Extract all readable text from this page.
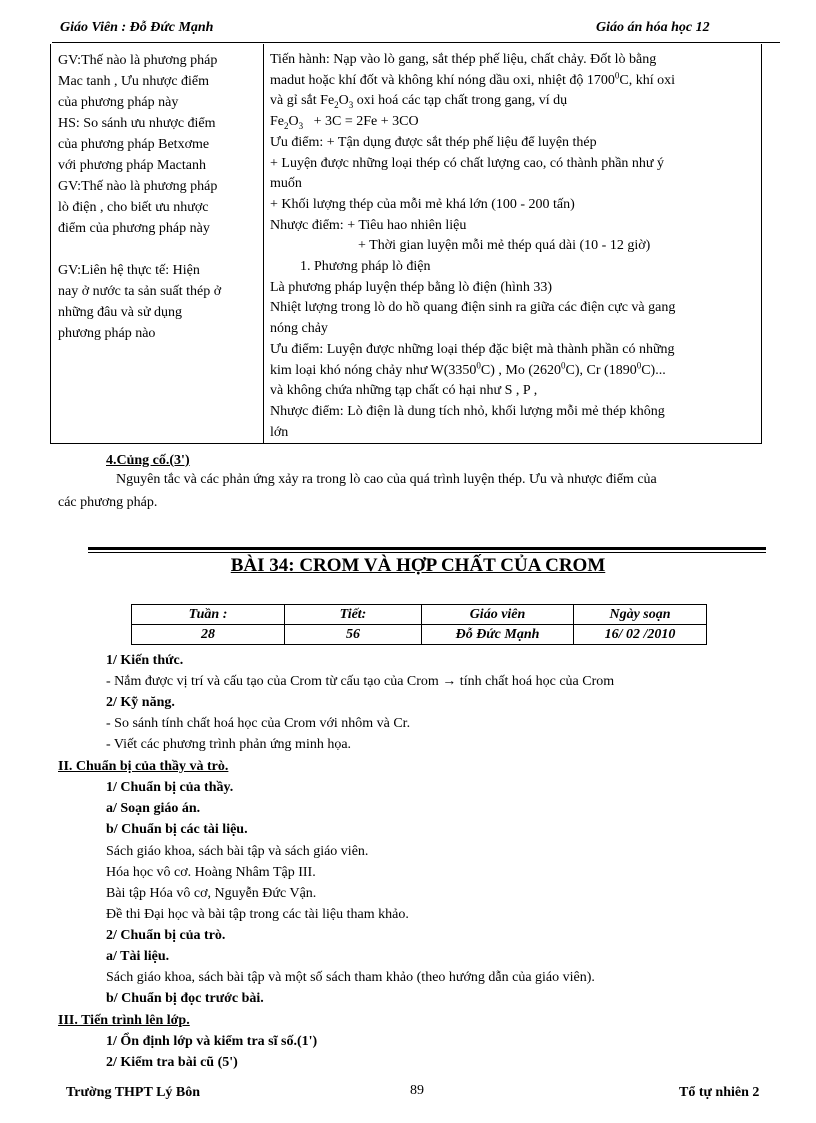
Giáo Viên : Đỗ Đức Mạnh	Giáo án hóa học 12
GV:Thế nào là phương pháp
Mac tanh , Ưu nhược điểm
của phương pháp này
HS: So sánh ưu nhược điểm
của phương pháp Betxơme
với phương pháp Mactanh
GV:Thế nào là phương pháp
lò điện , cho biết ưu nhược
điểm của phương pháp này
GV:Liên hệ thực tế: Hiện
nay ở nước ta sản suất thép ở
những đâu và sử dụng
phương pháp nào
Tiến hành: Nạp vào lò gang, sắt thép phế liệu, chất chảy. Đốt lò bằng
madut hoặc khí đốt và không khí nóng dầu oxi, nhiệt độ 1700$^0$C, khí oxi
và gỉ sắt $Fe_2O_3$ oxi hoá các tạp chất trong gang, ví dụ
$Fe_2O_3 + 3C = 2Fe + 3CO$
Ưu điểm: + Tận dụng được sắt thép phế liệu để luyện thép
+ Luyện được những loại thép có chất lượng cao, có thành phần như ý
muốn
+ Khối lượng thép của mỗi mẻ khá lớn (100 - 200 tấn)
Nhược điểm: + Tiêu hao nhiên liệu
+ Thời gian luyện mỗi mẻ thép quá dài (10 - 12 giờ)
1. Phương pháp lò điện
Là phương pháp luyện thép bằng lò điện (hình 33)
Nhiệt lượng trong lò do hồ quang điện sinh ra giữa các điện cực và gang
nóng chảy
Ưu điểm: Luyện được những loại thép đặc biệt mà thành phần có những
kim loại khó nóng chảy như W(3350$^0$C) , Mo (2620$^0$C), Cr (1890$^0$C)...
và không chứa những tạp chất có hại như S , P ,
Nhược điểm: Lò điện là dung tích nhỏ, khối lượng mỗi mẻ thép không
lớn
4.Củng cố.(3')
Nguyên tắc và các phản ứng xảy ra trong lò cao của quá trình luyện thép. Ưu và nhược điểm của
các phương pháp.
BÀI 34: CROM VÀ HỢP CHẤT CỦA CROM
Tuần :	Tiết:	Giáo viên	Ngày soạn
28	56	Đỗ Đức Mạnh	16/ 02 /2010
1/ Kiến thức.
- Nắm được vị trí và cấu tạo của Crom từ cấu tạo của Crom → tính chất hoá học của Crom
2/ Kỹ năng.
- So sánh tính chất hoá học của Crom với nhôm và Cr.
- Viết các phương trình phản ứng minh họa.
II. Chuẩn bị của thầy và trò.
1/ Chuẩn bị của thầy.
a/ Soạn giáo án.
b/ Chuẩn bị các tài liệu.
Sách giáo khoa, sách bài tập và sách giáo viên.
Hóa học vô cơ. Hoàng Nhâm Tập III.
Bài tập Hóa vô cơ, Nguyễn Đức Vận.
Đề thi Đại học và bài tập trong các tài liệu tham khảo.
2/ Chuẩn bị của trò.
a/ Tài liệu.
Sách giáo khoa, sách bài tập và một số sách tham khảo (theo hướng dẫn của giáo viên).
b/ Chuẩn bị đọc trước bài.
III. Tiến trình lên lớp.
1/ Ổn định lớp và kiểm tra sĩ số.(1')
2/ Kiểm tra bài cũ (5')
Trường THPT Lý Bôn	89	Tổ tự nhiên 2
